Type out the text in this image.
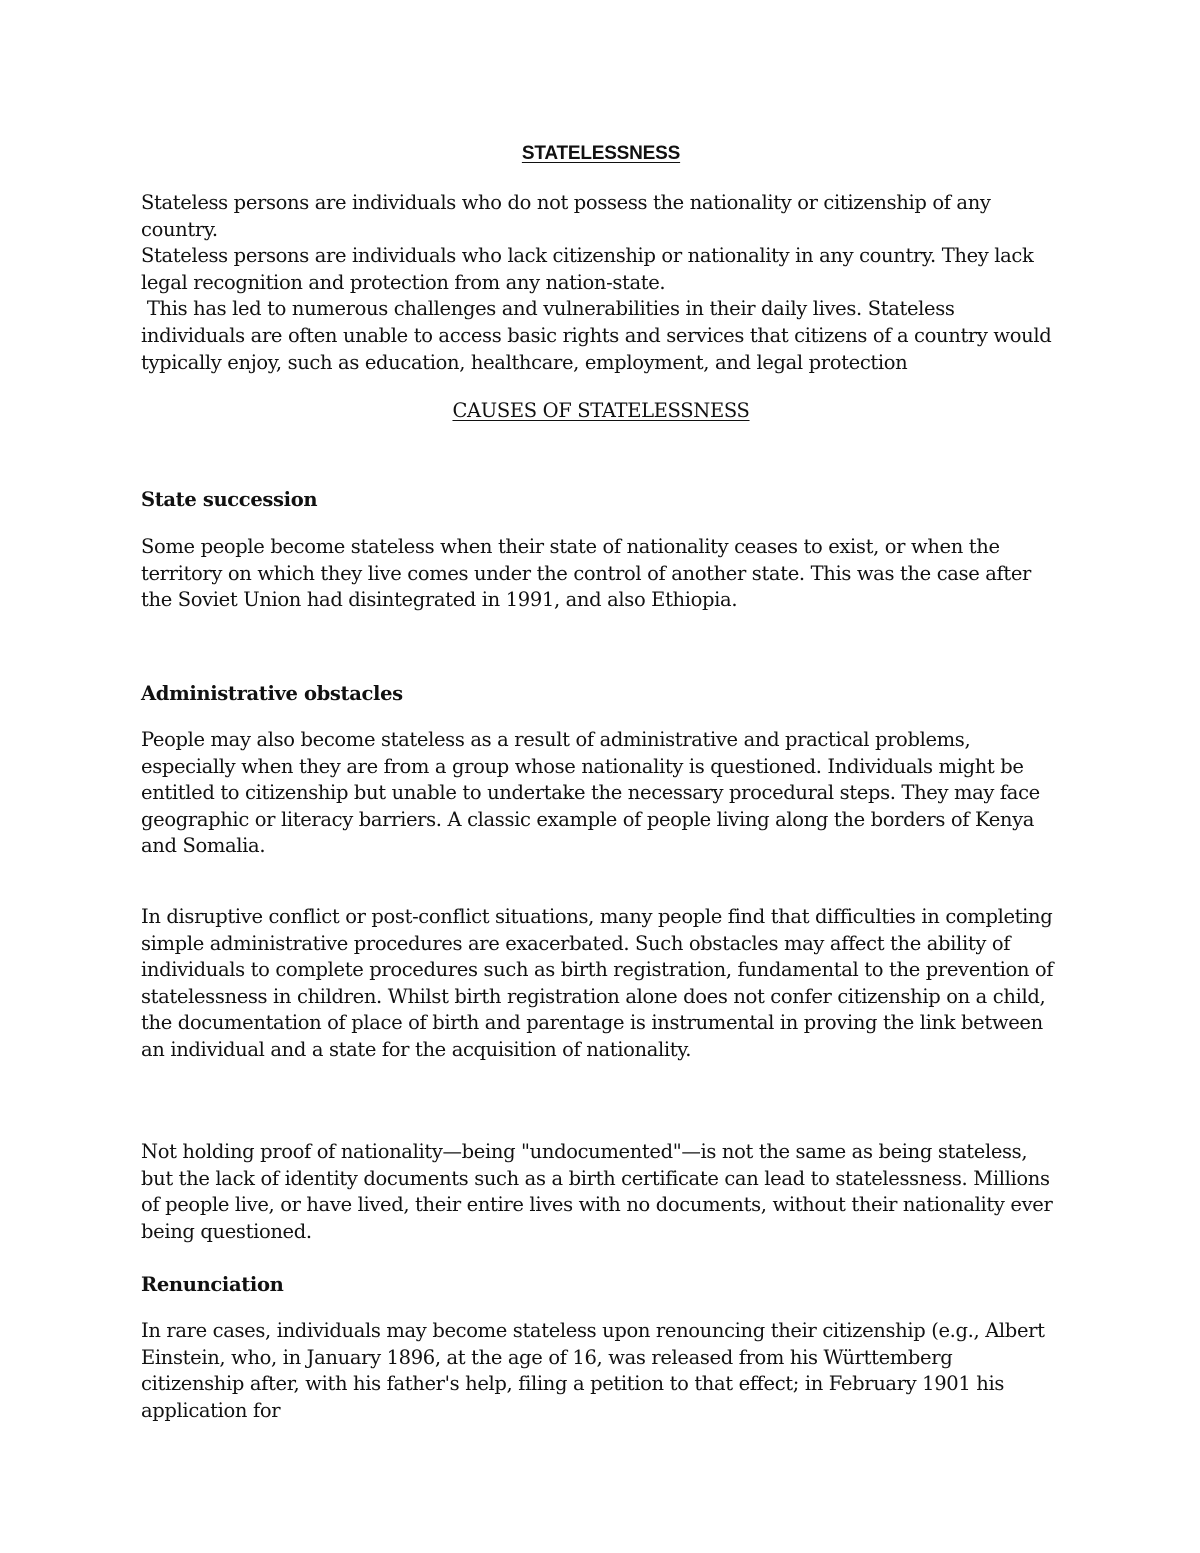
STATELESSNESS

Stateless persons are individuals who do not possess the nationality or citizenship of any country.

Stateless persons are individuals who lack citizenship or nationality in any country. They lack legal recognition and protection from any nation-state.

This has led to numerous challenges and vulnerabilities in their daily lives. Stateless individuals are often unable to access basic rights and services that citizens of a country would typically enjoy, such as education, healthcare, employment, and legal protection

CAUSES OF STATELESSNESS
State succession

Some people become stateless when their state of nationality ceases to exist, or when the territory on which they live comes under the control of another state. This was the case after the Soviet Union had disintegrated in 1991, and also Ethiopia.

Administrative obstacles

People may also become stateless as a result of administrative and practical problems, especially when they are from a group whose nationality is questioned. Individuals might be entitled to citizenship but unable to undertake the necessary procedural steps. They may face geographic or literacy barriers. A classic example of people living along the borders of Kenya and Somalia.

In disruptive conflict or post-conflict situations, many people find that difficulties in completing simple administrative procedures are exacerbated. Such obstacles may affect the ability of individuals to complete procedures such as birth registration, fundamental to the prevention of statelessness in children. Whilst birth registration alone does not confer citizenship on a child, the documentation of place of birth and parentage is instrumental in proving the link between an individual and a state for the acquisition of nationality.

Not holding proof of nationality—being "undocumented"—is not the same as being stateless, but the lack of identity documents such as a birth certificate can lead to statelessness. Millions of people live, or have lived, their entire lives with no documents, without their nationality ever being questioned.

Renunciation

In rare cases, individuals may become stateless upon renouncing their citizenship (e.g., Albert Einstein, who, in January 1896, at the age of 16, was released from his Württemberg citizenship after, with his father's help, filing a petition to that effect; in February 1901 his application for
